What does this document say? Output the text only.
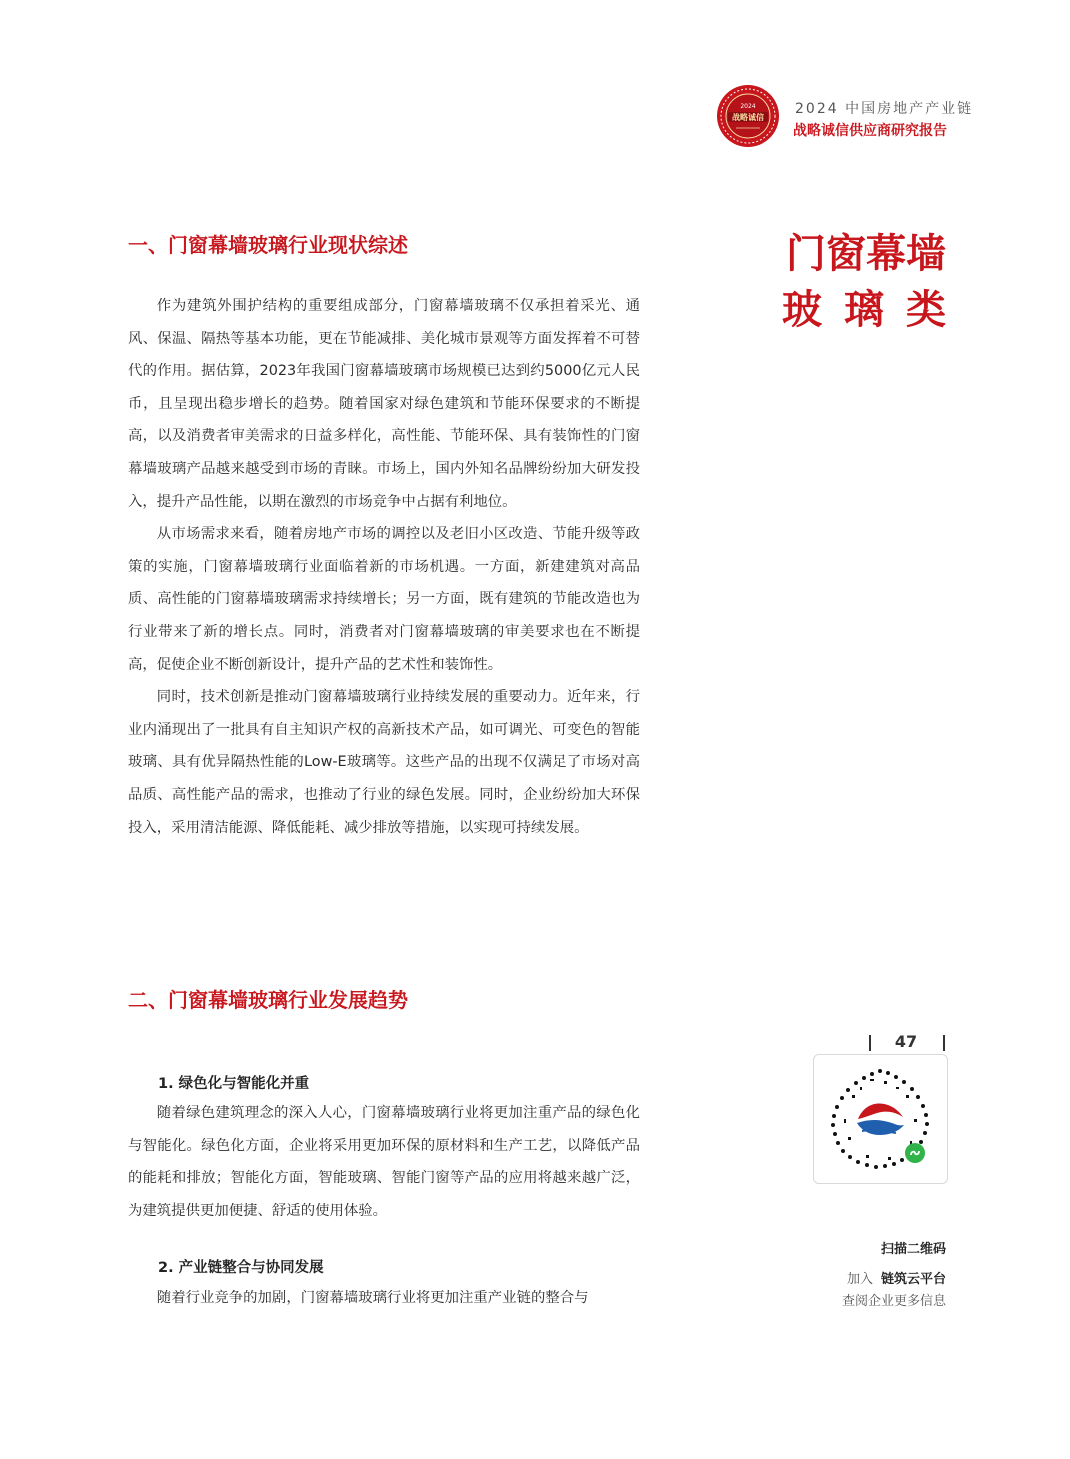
2024
战略诚信
2024 中国房地产产业链
战略诚信供应商研究报告
门窗幕墙
玻璃类
一、门窗幕墙玻璃行业现状综述

作为建筑外围护结构的重要组成部分，门窗幕墙玻璃不仅承担着采光、通风、保温、隔热等基本功能，更在节能减排、美化城市景观等方面发挥着不可替代的作用。据估算，2023年我国门窗幕墙玻璃市场规模已达到约5000亿元人民币，且呈现出稳步增长的趋势。随着国家对绿色建筑和节能环保要求的不断提高，以及消费者审美需求的日益多样化，高性能、节能环保、具有装饰性的门窗幕墙玻璃产品越来越受到市场的青睐。市场上，国内外知名品牌纷纷加大研发投入，提升产品性能，以期在激烈的市场竞争中占据有利地位。

从市场需求来看，随着房地产市场的调控以及老旧小区改造、节能升级等政策的实施，门窗幕墙玻璃行业面临着新的市场机遇。一方面，新建建筑对高品质、高性能的门窗幕墙玻璃需求持续增长；另一方面，既有建筑的节能改造也为行业带来了新的增长点。同时，消费者对门窗幕墙玻璃的审美要求也在不断提高，促使企业不断创新设计，提升产品的艺术性和装饰性。

同时，技术创新是推动门窗幕墙玻璃行业持续发展的重要动力。近年来，行业内涌现出了一批具有自主知识产权的高新技术产品，如可调光、可变色的智能玻璃、具有优异隔热性能的Low-E玻璃等。这些产品的出现不仅满足了市场对高品质、高性能产品的需求，也推动了行业的绿色发展。同时，企业纷纷加大环保投入，采用清洁能源、降低能耗、减少排放等措施，以实现可持续发展。

二、门窗幕墙玻璃行业发展趋势
1. 绿色化与智能化并重

随着绿色建筑理念的深入人心，门窗幕墙玻璃行业将更加注重产品的绿色化与智能化。绿色化方面，企业将采用更加环保的原材料和生产工艺，以降低产品的能耗和排放；智能化方面，智能玻璃、智能门窗等产品的应用将越来越广泛，为建筑提供更加便捷、舒适的使用体验。

2. 产业链整合与协同发展

随着行业竞争的加剧，门窗幕墙玻璃行业将更加注重产业链的整合与

扫描二维码
加入 链筑云平台
查阅企业更多信息
47
